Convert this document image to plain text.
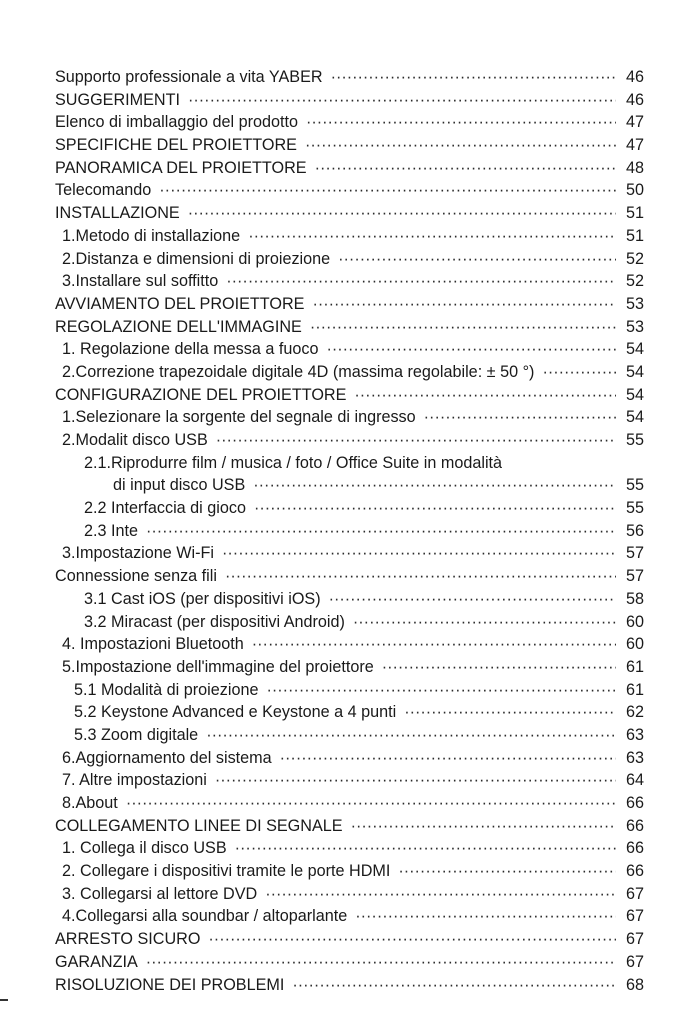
Supporto professionale a vita YABER ·····	46
SUGGERIMENTI ·····	46
Elenco di imballaggio del prodotto ·····	47
SPECIFICHE DEL PROIETTORE ·····	47
PANORAMICA DEL PROIETTORE ·····	48
Telecomando ·····	50
INSTALLAZIONE ·····	51
1.Metodo di installazione ·····	51
2.Distanza e dimensioni di proiezione ·····	52
3.Installare sul soffitto ·····	52
AVVIAMENTO DEL PROIETTORE ·····	53
REGOLAZIONE DELL'IMMAGINE ·····	53
1. Regolazione della messa a fuoco ·····	54
2.Correzione trapezoidale digitale 4D (massima regolabile: ± 50 °) ·····	54
CONFIGURAZIONE DEL PROIETTORE ·····	54
1.Selezionare la sorgente del segnale di ingresso ·····	54
2.Modalit disco USB ·····	55
2.1.Riprodurre film / musica / foto / Office Suite in modalità
di input disco USB ·····	55
2.2 Interfaccia di gioco ·····	55
2.3 Inte ·····	56
3.Impostazione Wi-Fi ·····	57
Connessione senza fili ·····	57
3.1 Cast iOS (per dispositivi iOS) ·····	58
3.2 Miracast (per dispositivi Android) ·····	60
4. Impostazioni Bluetooth ·····	60
5.Impostazione dell'immagine del proiettore ·····	61
5.1 Modalità di proiezione ·····	61
5.2 Keystone Advanced e Keystone a 4 punti ·····	62
5.3 Zoom digitale ·····	63
6.Aggiornamento del sistema ·····	63
7. Altre impostazioni ·····	64
8.About ·····	66
COLLEGAMENTO LINEE DI SEGNALE ·····	66
1. Collega il disco USB ·····	66
2. Collegare i dispositivi tramite le porte HDMI ·····	66
3. Collegarsi al lettore DVD ·····	67
4.Collegarsi alla soundbar / altoparlante ·····	67
ARRESTO SICURO ·····	67
GARANZIA ·····	67
RISOLUZIONE DEI PROBLEMI ·····	68
